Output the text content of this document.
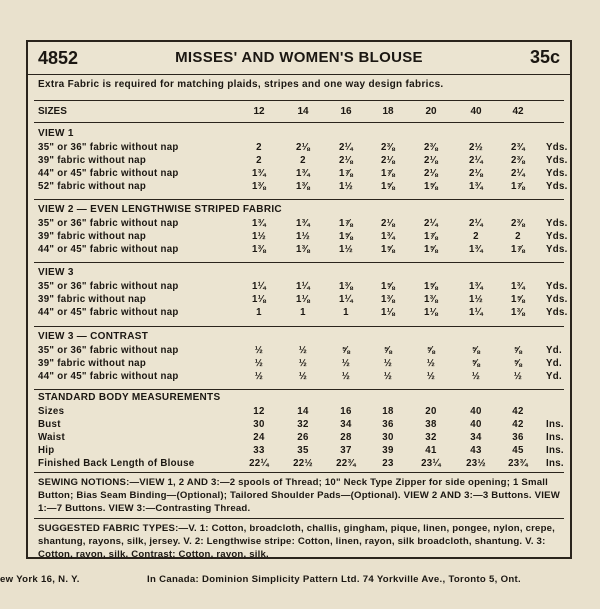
4852	MISSES' AND WOMEN'S BLOUSE	35c
Extra Fabric is required for matching plaids, stripes and one way design fabrics.
SIZES	12	14	16	18	20	40	42
VIEW 1
35" or 36" fabric without nap	2	2⅛	2¼	2⅜	2⅜	2½	2¾	Yds.
39" fabric without nap	2	2	2⅛	2⅛	2⅛	2¼	2⅜	Yds.
44" or 45" fabric without nap	1¾	1¾	1⅞	1⅞	2⅛	2⅛	2¼	Yds.
52" fabric without nap	1⅜	1⅜	1½	1⅝	1⅝	1¾	1⅞	Yds.
VIEW 2 — EVEN LENGTHWISE STRIPED FABRIC
35" or 36" fabric without nap	1¾	1¾	1⅞	2⅛	2¼	2¼	2⅜	Yds.
39" fabric without nap	1½	1½	1⅝	1¾	1⅞	2	2	Yds.
44" or 45" fabric without nap	1⅜	1⅜	1½	1⅝	1⅝	1¾	1⅞	Yds.
VIEW 3
35" or 36" fabric without nap	1¼	1¼	1⅜	1⅝	1⅝	1¾	1¾	Yds.
39" fabric without nap	1⅛	1⅛	1¼	1⅜	1⅜	1½	1⅝	Yds.
44" or 45" fabric without nap	1	1	1	1⅛	1⅛	1¼	1⅜	Yds.
VIEW 3 — CONTRAST
35" or 36" fabric without nap	½	½	⅝	⅝	⅝	⅝	⅝	Yd.
39" fabric without nap	½	½	½	½	½	⅝	⅝	Yd.
44" or 45" fabric without nap	½	½	½	½	½	½	½	Yd.
STANDARD BODY MEASUREMENTS
Sizes	12	14	16	18	20	40	42
Bust	30	32	34	36	38	40	42	Ins.
Waist	24	26	28	30	32	34	36	Ins.
Hip	33	35	37	39	41	43	45	Ins.
Finished Back Length of Blouse	22¼	22½	22¾	23	23¼	23½	23¾	Ins.
SEWING NOTIONS:—VIEW 1, 2 AND 3:—2 spools of Thread; 10" Neck Type Zipper for side opening; 1 Small Button; Bias Seam Binding—(Optional); Tailored Shoulder Pads—(Optional). VIEW 2 AND 3:—3 Buttons. VIEW 1:—7 Buttons. VIEW 3:—Contrasting Thread.
SUGGESTED FABRIC TYPES:—V. 1: Cotton, broadcloth, challis, gingham, pique, linen, pongee, nylon, crepe, shantung, rayons, silk, jersey. V. 2: Lengthwise stripe: Cotton, linen, rayon, silk broadcloth, shantung. V. 3: Cotton, rayon, silk. Contrast: Cotton, rayon, silk.
ew York 16, N. Y.	In Canada: Dominion Simplicity Pattern Ltd. 74 Yorkville Ave., Toronto 5, Ont.
